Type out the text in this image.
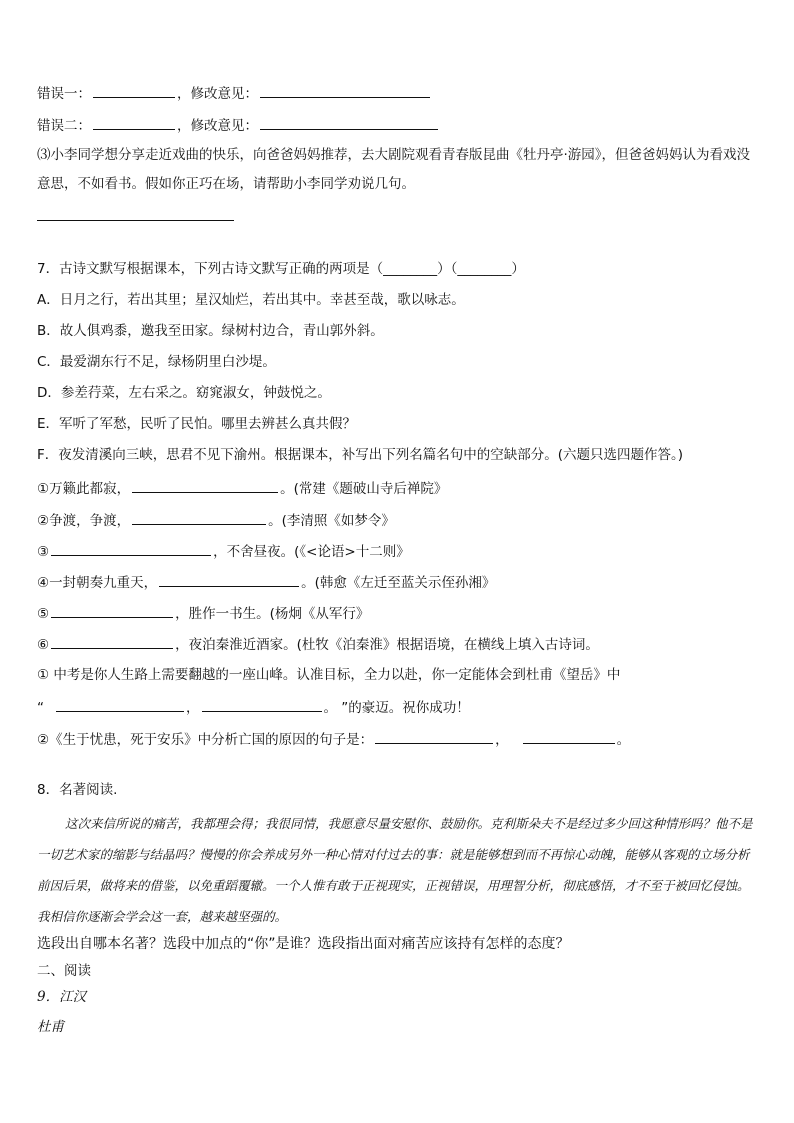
错误一：	，修改意见：
错误二：	，修改意见：
⑶小李同学想分享走近戏曲的快乐，向爸爸妈妈推荐，去大剧院观看青春版昆曲《牡丹亭·游园》，但爸爸妈妈认为看戏没意思，不如看书。假如你正巧在场，请帮助小李同学劝说几句。
7．古诗文默写根据课本，下列古诗文默写正确的两项是（________）（________）
A．日月之行，若出其里；星汉灿烂，若出其中。幸甚至哉，歌以咏志。
B．故人俱鸡黍，邀我至田家。绿树村边合，青山郭外斜。
C．最爱湖东行不足，绿杨阴里白沙堤。
D．参差荇菜，左右采之。窈窕淑女，钟鼓悦之。
E．军听了军愁，民听了民怕。哪里去辨甚么真共假？
F．夜发清溪向三峡，思君不见下渝州。根据课本，补写出下列名篇名句中的空缺部分。(六题只选四题作答。)
①万籁此都寂，	。(常建《题破山寺后禅院》
②争渡，争渡，	。(李清照《如梦令》
③	，不舍昼夜。(《<论语>十二则》
④一封朝奏九重天，	。(韩愈《左迁至蓝关示侄孙湘》
⑤	，胜作一书生。(杨炯《从军行》
⑥	，夜泊秦淮近酒家。(杜牧《泊秦淮》根据语境，在横线上填入古诗词。
① 中考是你人生路上需要翻越的一座山峰。认准目标，全力以赴，你一定能体会到杜甫《望岳》中
“	，	。 ”的豪迈。祝你成功！
②《生于忧患，死于安乐》中分析亡国的原因的句子是：	，	。
8．名著阅读.
这次来信所说的痛苦，我都理会得；我很同情，我愿意尽量安慰你、鼓励你。克利斯朵夫不是经过多少回这种情形吗？他不是一切艺术家的缩影与结晶吗？慢慢的你会养成另外一种心情对付过去的事：就是能够想到而不再惊心动魄，能够从客观的立场分析前因后果，做将来的借鉴，以免重蹈覆辙。一个人惟有敢于正视现实，正视错误，用理智分析，彻底感悟，才不至于被回忆侵蚀。我相信你逐渐会学会这一套，越来越坚强的。
选段出自哪本名著？选段中加点的“你”是谁？选段指出面对痛苦应该持有怎样的态度？
二、阅读
9．江汉
杜甫
